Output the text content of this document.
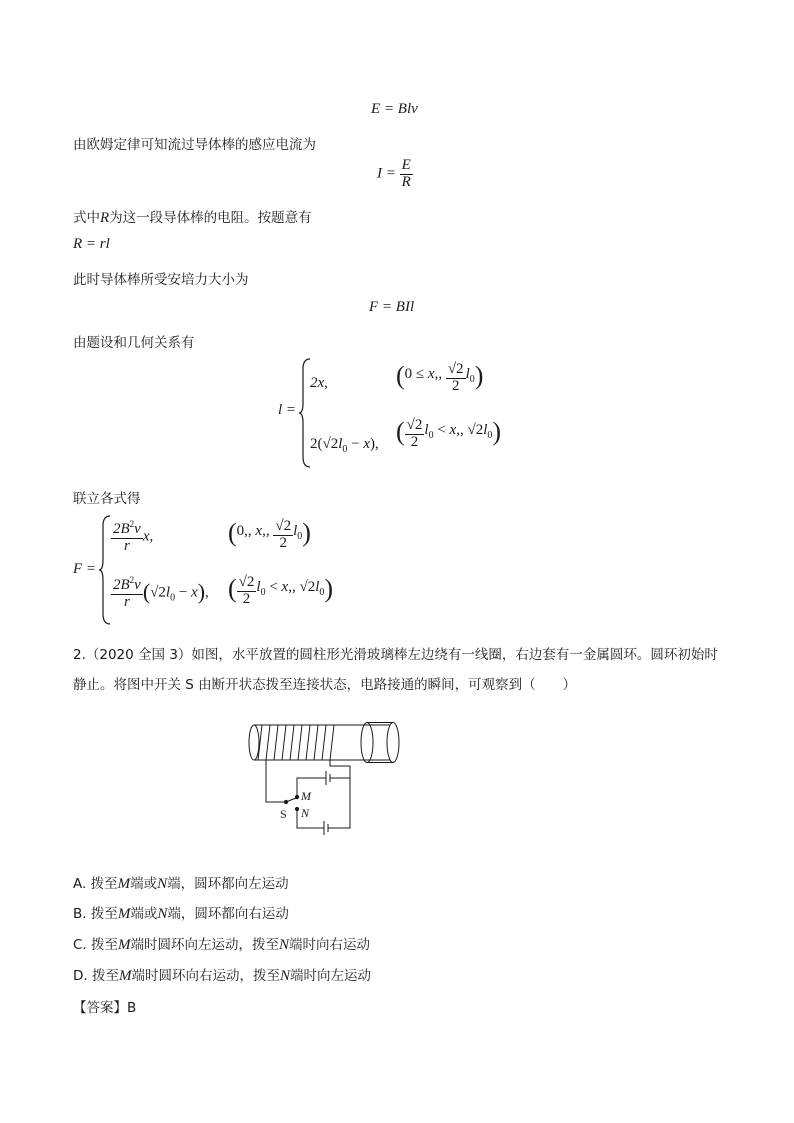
E = Blv
由欧姆定律可知流过导体棒的感应电流为
$I = \frac{E}{R}$
式中R为这一段导体棒的电阻。按题意有
R = rl
此时导体棒所受安培力大小为
F = BIl
由题设和几何关系有
l =
2x,	(0 ≤ x,, $\frac{√2}{2} l_0$)
$2(√2l_0 - x)$, ( $\frac{√2}{2} l_0 < x$,, $√2l_0$)
联立各式得
F =
$\frac{2B^2v}{r} x$,	(0,, x,, $\frac{√2}{2} l_0$)
$\frac{2B^2v}{r} (√2l_0 - x)$, ( $\frac{√2}{2} l_0 < x$,, $√2l_0$)
2.（2020 全国 3）如图，水平放置的圆柱形光滑玻璃棒左边绕有一线圈，右边套有一金属圆环。圆环初始时
静止。将图中开关 S 由断开状态拨至连接状态，电路接通的瞬间，可观察到（　　）
S
M
N
A. 拨至M端或N端，圆环都向左运动
B. 拨至M端或N端，圆环都向右运动
C. 拨至M端时圆环向左运动，拨至N端时向右运动
D. 拨至M端时圆环向右运动，拨至N端时向左运动
【答案】B
